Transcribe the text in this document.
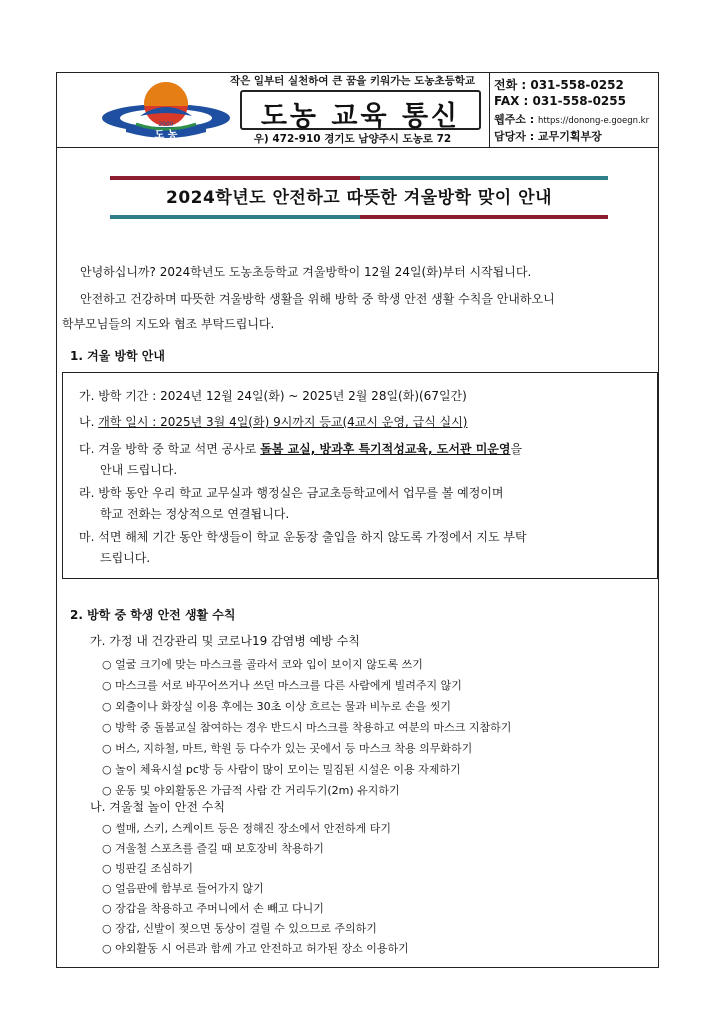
도 농
2000
작은 일부터 실천하여 큰 꿈을 키워가는 도농초등학교
도농 교육 통신
우) 472-910 경기도 남양주시 도농로 72
전화 : 031-558-0252
FAX : 031-558-0255
웹주소 : https://donong-e.goegn.kr
담당자 : 교무기획부장
2024학년도 안전하고 따뜻한 겨울방학 맞이 안내
안녕하십니까? 2024학년도 도농초등학교 겨울방학이 12월 24일(화)부터 시작됩니다.
안전하고 건강하며 따뜻한 겨울방학 생활을 위해 방학 중 학생 안전 생활 수칙을 안내하오니
학부모님들의 지도와 협조 부탁드립니다.
1. 겨울 방학 안내
가. 방학 기간 : 2024년 12월 24일(화) ~ 2025년 2월 28일(화)(67일간)
나. 개학 일시 : 2025년 3월 4일(화) 9시까지 등교(4교시 운영, 급식 실시)
다. 겨울 방학 중 학교 석면 공사로 돌봄 교실, 방과후 특기적성교육, 도서관 미운영을
안내 드립니다.
라. 방학 동안 우리 학교 교무실과 행정실은 금교초등학교에서 업무를 볼 예정이며
학교 전화는 정상적으로 연결됩니다.
마. 석면 해체 기간 동안 학생들이 학교 운동장 출입을 하지 않도록 가정에서 지도 부탁
드립니다.
2. 방학 중 학생 안전 생활 수칙
가. 가정 내 건강관리 및 코로나19 감염병 예방 수칙
○ 얼굴 크기에 맞는 마스크를 골라서 코와 입이 보이지 않도록 쓰기
○ 마스크를 서로 바꾸어쓰거나 쓰던 마스크를 다른 사람에게 빌려주지 않기
○ 외출이나 화장실 이용 후에는 30초 이상 흐르는 물과 비누로 손을 씻기
○ 방학 중 돌봄교실 참여하는 경우 반드시 마스크를 착용하고 여분의 마스크 지참하기
○ 버스, 지하철, 마트, 학원 등 다수가 있는 곳에서 등 마스크 착용 의무화하기
○ 놀이 체육시설 pc방 등 사람이 많이 모이는 밀집된 시설은 이용 자제하기
○ 운동 및 야외활동은 가급적 사람 간 거리두기(2m) 유지하기
나. 겨울철 놀이 안전 수칙
○ 썰매, 스키, 스케이트 등은 정해진 장소에서 안전하게 타기
○ 겨울철 스포츠를 즐길 때 보호장비 착용하기
○ 빙판길 조심하기
○ 얼음판에 함부로 들어가지 않기
○ 장갑을 착용하고 주머니에서 손 빼고 다니기
○ 장갑, 신발이 젖으면 동상이 걸릴 수 있으므로 주의하기
○ 야외활동 시 어른과 함께 가고 안전하고 허가된 장소 이용하기
